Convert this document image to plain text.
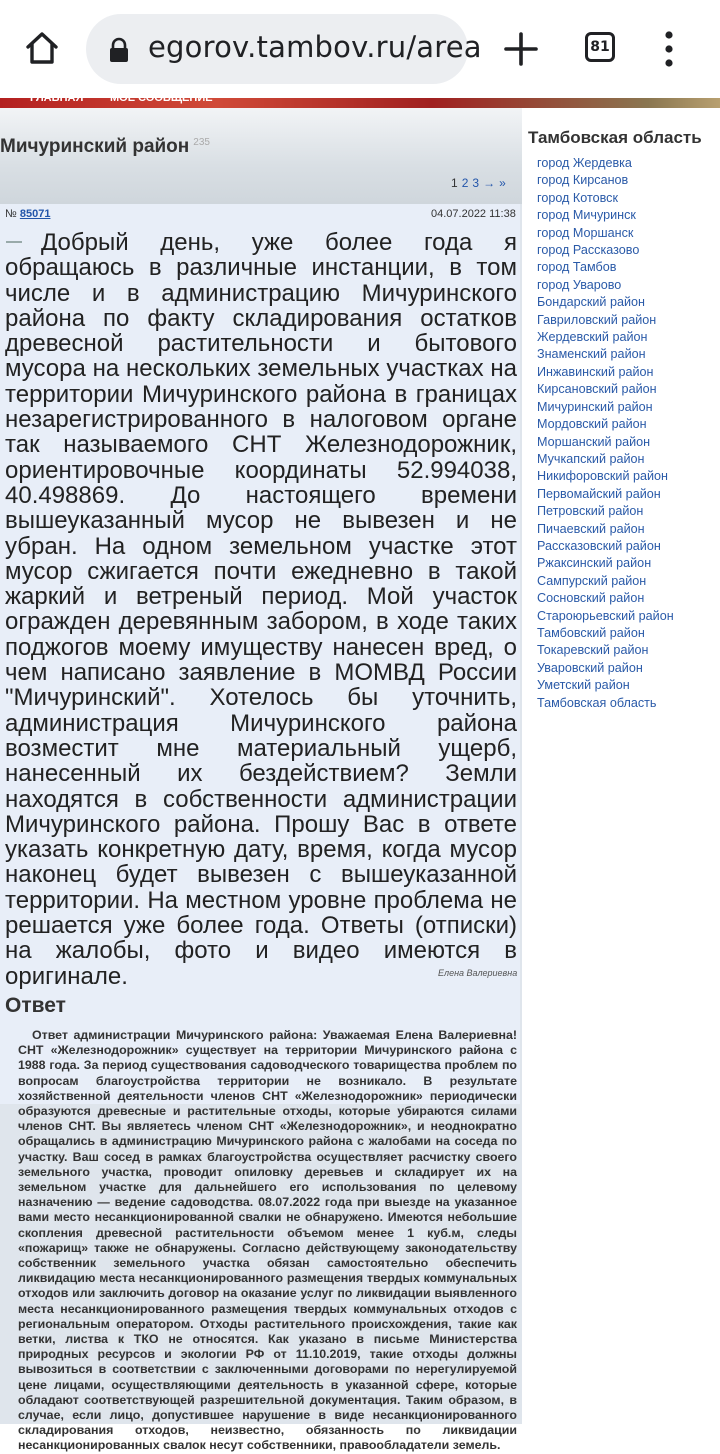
egorov.tambov.ru/area	81
ГЛАВНАЯ МОЁ СООБЩЕНИЕ
Мичуринский район $^{235}$
1 2 3 → »
№ 85071	04.07.2022 11:38

Добрый день, уже более года я обращаюсь в различные инстанции, в том числе и в администрацию Мичуринского района по факту складирования остатков древесной растительности и бытового мусора на нескольких земельных участках на территории Мичуринского района в границах незарегистрированного в налоговом органе так называемого СНТ Железнодорожник, ориентировочные координаты 52.994038, 40.498869. До настоящего времени вышеуказанный мусор не вывезен и не убран. На одном земельном участке этот мусор сжигается почти ежедневно в такой жаркий и ветреный период. Мой участок огражден деревянным забором, в ходе таких поджогов моему имуществу нанесен вред, о чем написано заявление в МОМВД России "Мичуринский". Хотелось бы уточнить, администрация Мичуринского района возместит мне материальный ущерб, нанесенный их бездействием? Земли находятся в собственности администрации Мичуринского района. Прошу Вас в ответе указать конкретную дату, время, когда мусор наконец будет вывезен с вышеуказанной территории. На местном уровне проблема не решается уже более года. Ответы (отписки) на жалобы, фото и видео имеются в оригинале.	Елена Валериевна
Ответ

Ответ администрации Мичуринского района: Уважаемая Елена Валериевна! СНТ «Железнодорожник» существует на территории Мичуринского района с 1988 года. За период существования садоводческого товарищества проблем по вопросам благоустройства территории не возникало. В результате хозяйственной деятельности членов СНТ «Железнодорожник» периодически образуются древесные и растительные отходы, которые убираются силами членов СНТ. Вы являетесь членом СНТ «Железнодорожник», и неоднократно обращались в администрацию Мичуринского района с жалобами на соседа по участку. Ваш сосед в рамках благоустройства осуществляет расчистку своего земельного участка, проводит опиловку деревьев и складирует их на земельном участке для дальнейшего его использования по целевому назначению — ведение садоводства. 08.07.2022 года при выезде на указанное вами место несанкционированной свалки не обнаружено. Имеются небольшие скопления древесной растительности объемом менее 1 куб.м, следы «пожарищ» также не обнаружены. Согласно действующему законодательству собственник земельного участка обязан самостоятельно обеспечить ликвидацию места несанкционированного размещения твердых коммунальных отходов или заключить договор на оказание услуг по ликвидации выявленного места несанкционированного размещения твердых коммунальных отходов с региональным оператором. Отходы растительного происхождения, такие как ветки, листва к ТКО не относятся. Как указано в письме Министерства природных ресурсов и экологии РФ от 11.10.2019, такие отходы должны вывозиться в соответствии с заключенными договорами по нерегулируемой цене лицами, осуществляющими деятельность в указанной сфере, которые обладают соответствующей разрешительной документация. Таким образом, в случае, если лицо, допустившее нарушение в виде несанкционированного складирования отходов, неизвестно, обязанность по ликвидации несанкционированных свалок несут собственники, правообладатели земель.

Тамбовская область
город Жердевка
город Кирсанов
город Котовск
город Мичуринск
город Моршанск
город Рассказово
город Тамбов
город Уварово
Бондарский район
Гавриловский район
Жердевский район
Знаменский район
Инжавинский район
Кирсановский район
Мичуринский район
Мордовский район
Моршанский район
Мучкапский район
Никифоровский район
Первомайский район
Петровский район
Пичаевский район
Рассказовский район
Ржаксинский район
Сампурский район
Сосновский район
Староюрьевский район
Тамбовский район
Токаревский район
Уваровский район
Уметский район
Тамбовская область
